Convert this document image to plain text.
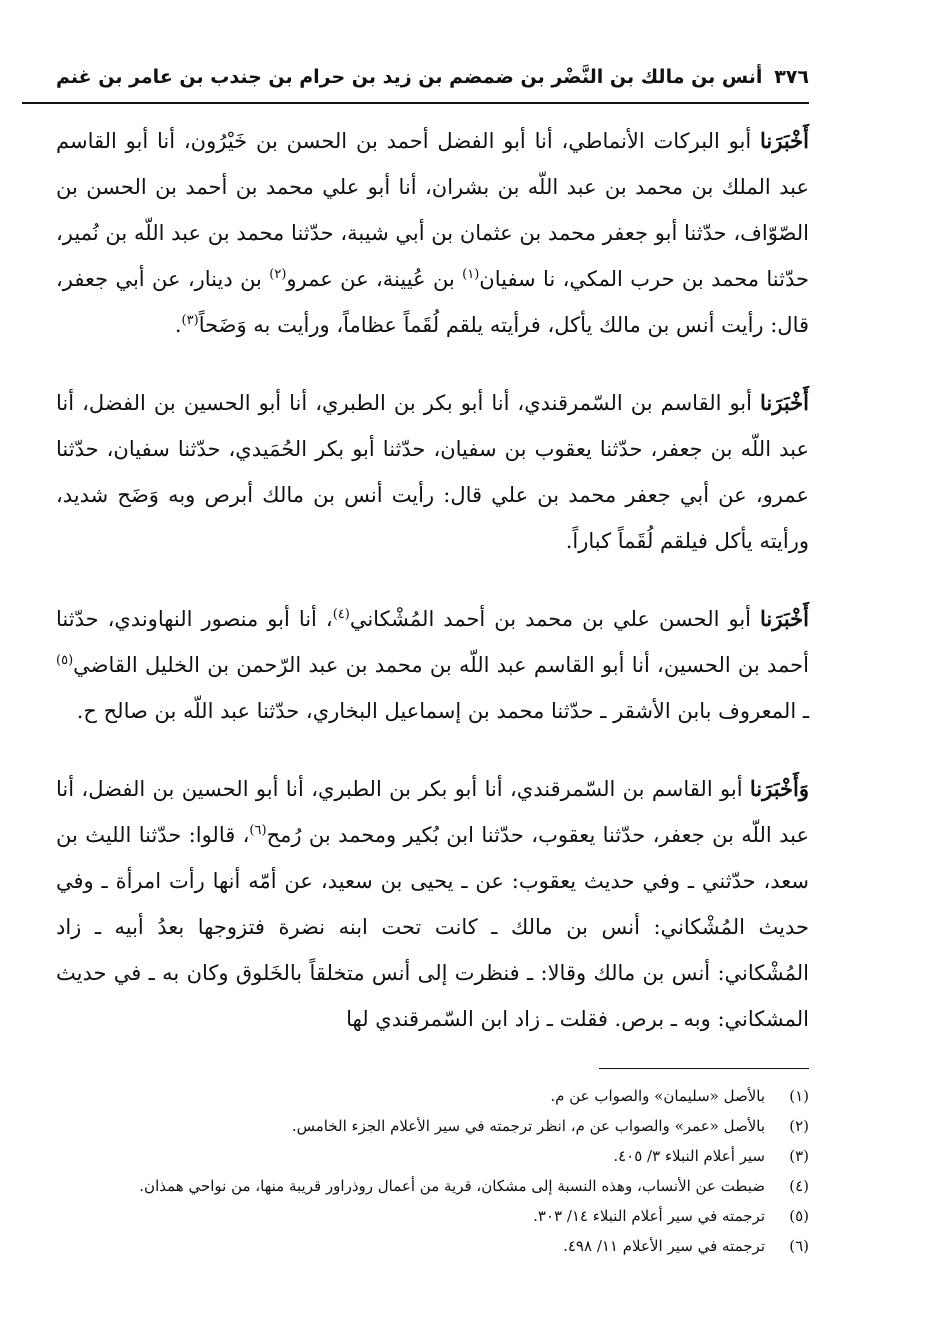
٣٧٦
أنس بن مالك بن النَّضْر بن ضمضم بن زيد بن حرام بن جندب بن عامر بن غنم

أَخْبَرَنا أبو البركات الأنماطي، أنا أبو الفضل أحمد بن الحسن بن خَيْرُون، أنا أبو القاسم عبد الملك بن محمد بن عبد اللّه بن بشران، أنا أبو علي محمد بن أحمد بن الحسن بن الصّوّاف، حدّثنا أبو جعفر محمد بن عثمان بن أبي شيبة، حدّثنا محمد بن عبد اللّه بن نُمير، حدّثنا محمد بن حرب المكي، نا سفيان$^{(١)}$ بن عُيينة، عن عمرو$^{(٢)}$ بن دينار، عن أبي جعفر، قال: رأيت أنس بن مالك يأكل، فرأيته يلقم لُقَماً عظاماً، ورأيت به وَضَحاً$^{(٣)}$.

أَخْبَرَنا أبو القاسم بن السّمرقندي، أنا أبو بكر بن الطبري، أنا أبو الحسين بن الفضل، أنا عبد اللّه بن جعفر، حدّثنا يعقوب بن سفيان، حدّثنا أبو بكر الحُمَيدي، حدّثنا سفيان، حدّثنا عمرو، عن أبي جعفر محمد بن علي قال: رأيت أنس بن مالك أبرص وبه وَضَح شديد، ورأيته يأكل فيلقم لُقَماً كباراً.

أَخْبَرَنا أبو الحسن علي بن محمد بن أحمد المُشْكاني$^{(٤)}$، أنا أبو منصور النهاوندي، حدّثنا أحمد بن الحسين، أنا أبو القاسم عبد اللّه بن محمد بن عبد الرّحمن بن الخليل القاضي$^{(٥)}$ ـ المعروف بابن الأشقر ـ حدّثنا محمد بن إسماعيل البخاري، حدّثنا عبد اللّه بن صالح ح.

وَأَخْبَرَنا أبو القاسم بن السّمرقندي، أنا أبو بكر بن الطبري، أنا أبو الحسين بن الفضل، أنا عبد اللّه بن جعفر، حدّثنا يعقوب، حدّثنا ابن بُكير ومحمد بن رُمح$^{(٦)}$، قالوا: حدّثنا الليث بن سعد، حدّثني ـ وفي حديث يعقوب: عن ـ يحيى بن سعيد، عن أمّه أنها رأت امرأة ـ وفي حديث المُشْكاني: أنس بن مالك ـ كانت تحت ابنه نضرة فتزوجها بعدُ أبيه ـ زاد المُشْكاني: أنس بن مالك وقالا: ـ فنظرت إلى أنس متخلقاً بالخَلوق وكان به ـ في حديث المشكاني: وبه ـ برص. فقلت ـ زاد ابن السّمرقندي لها

(١)
بالأصل «سليمان» والصواب عن م.
(٢)
بالأصل «عمر» والصواب عن م، انظر ترجمته في سير الأعلام الجزء الخامس.
(٣)
سير أعلام النبلاء ٣/ ٤٠٥.
(٤)
ضبطت عن الأنساب، وهذه النسبة إلى مشكان، قرية من أعمال روذراور قريبة منها، من نواحي همذان.
(٥)
ترجمته في سير أعلام النبلاء ١٤/ ٣٠٣.
(٦)
ترجمته في سير الأعلام ١١/ ٤٩٨.
